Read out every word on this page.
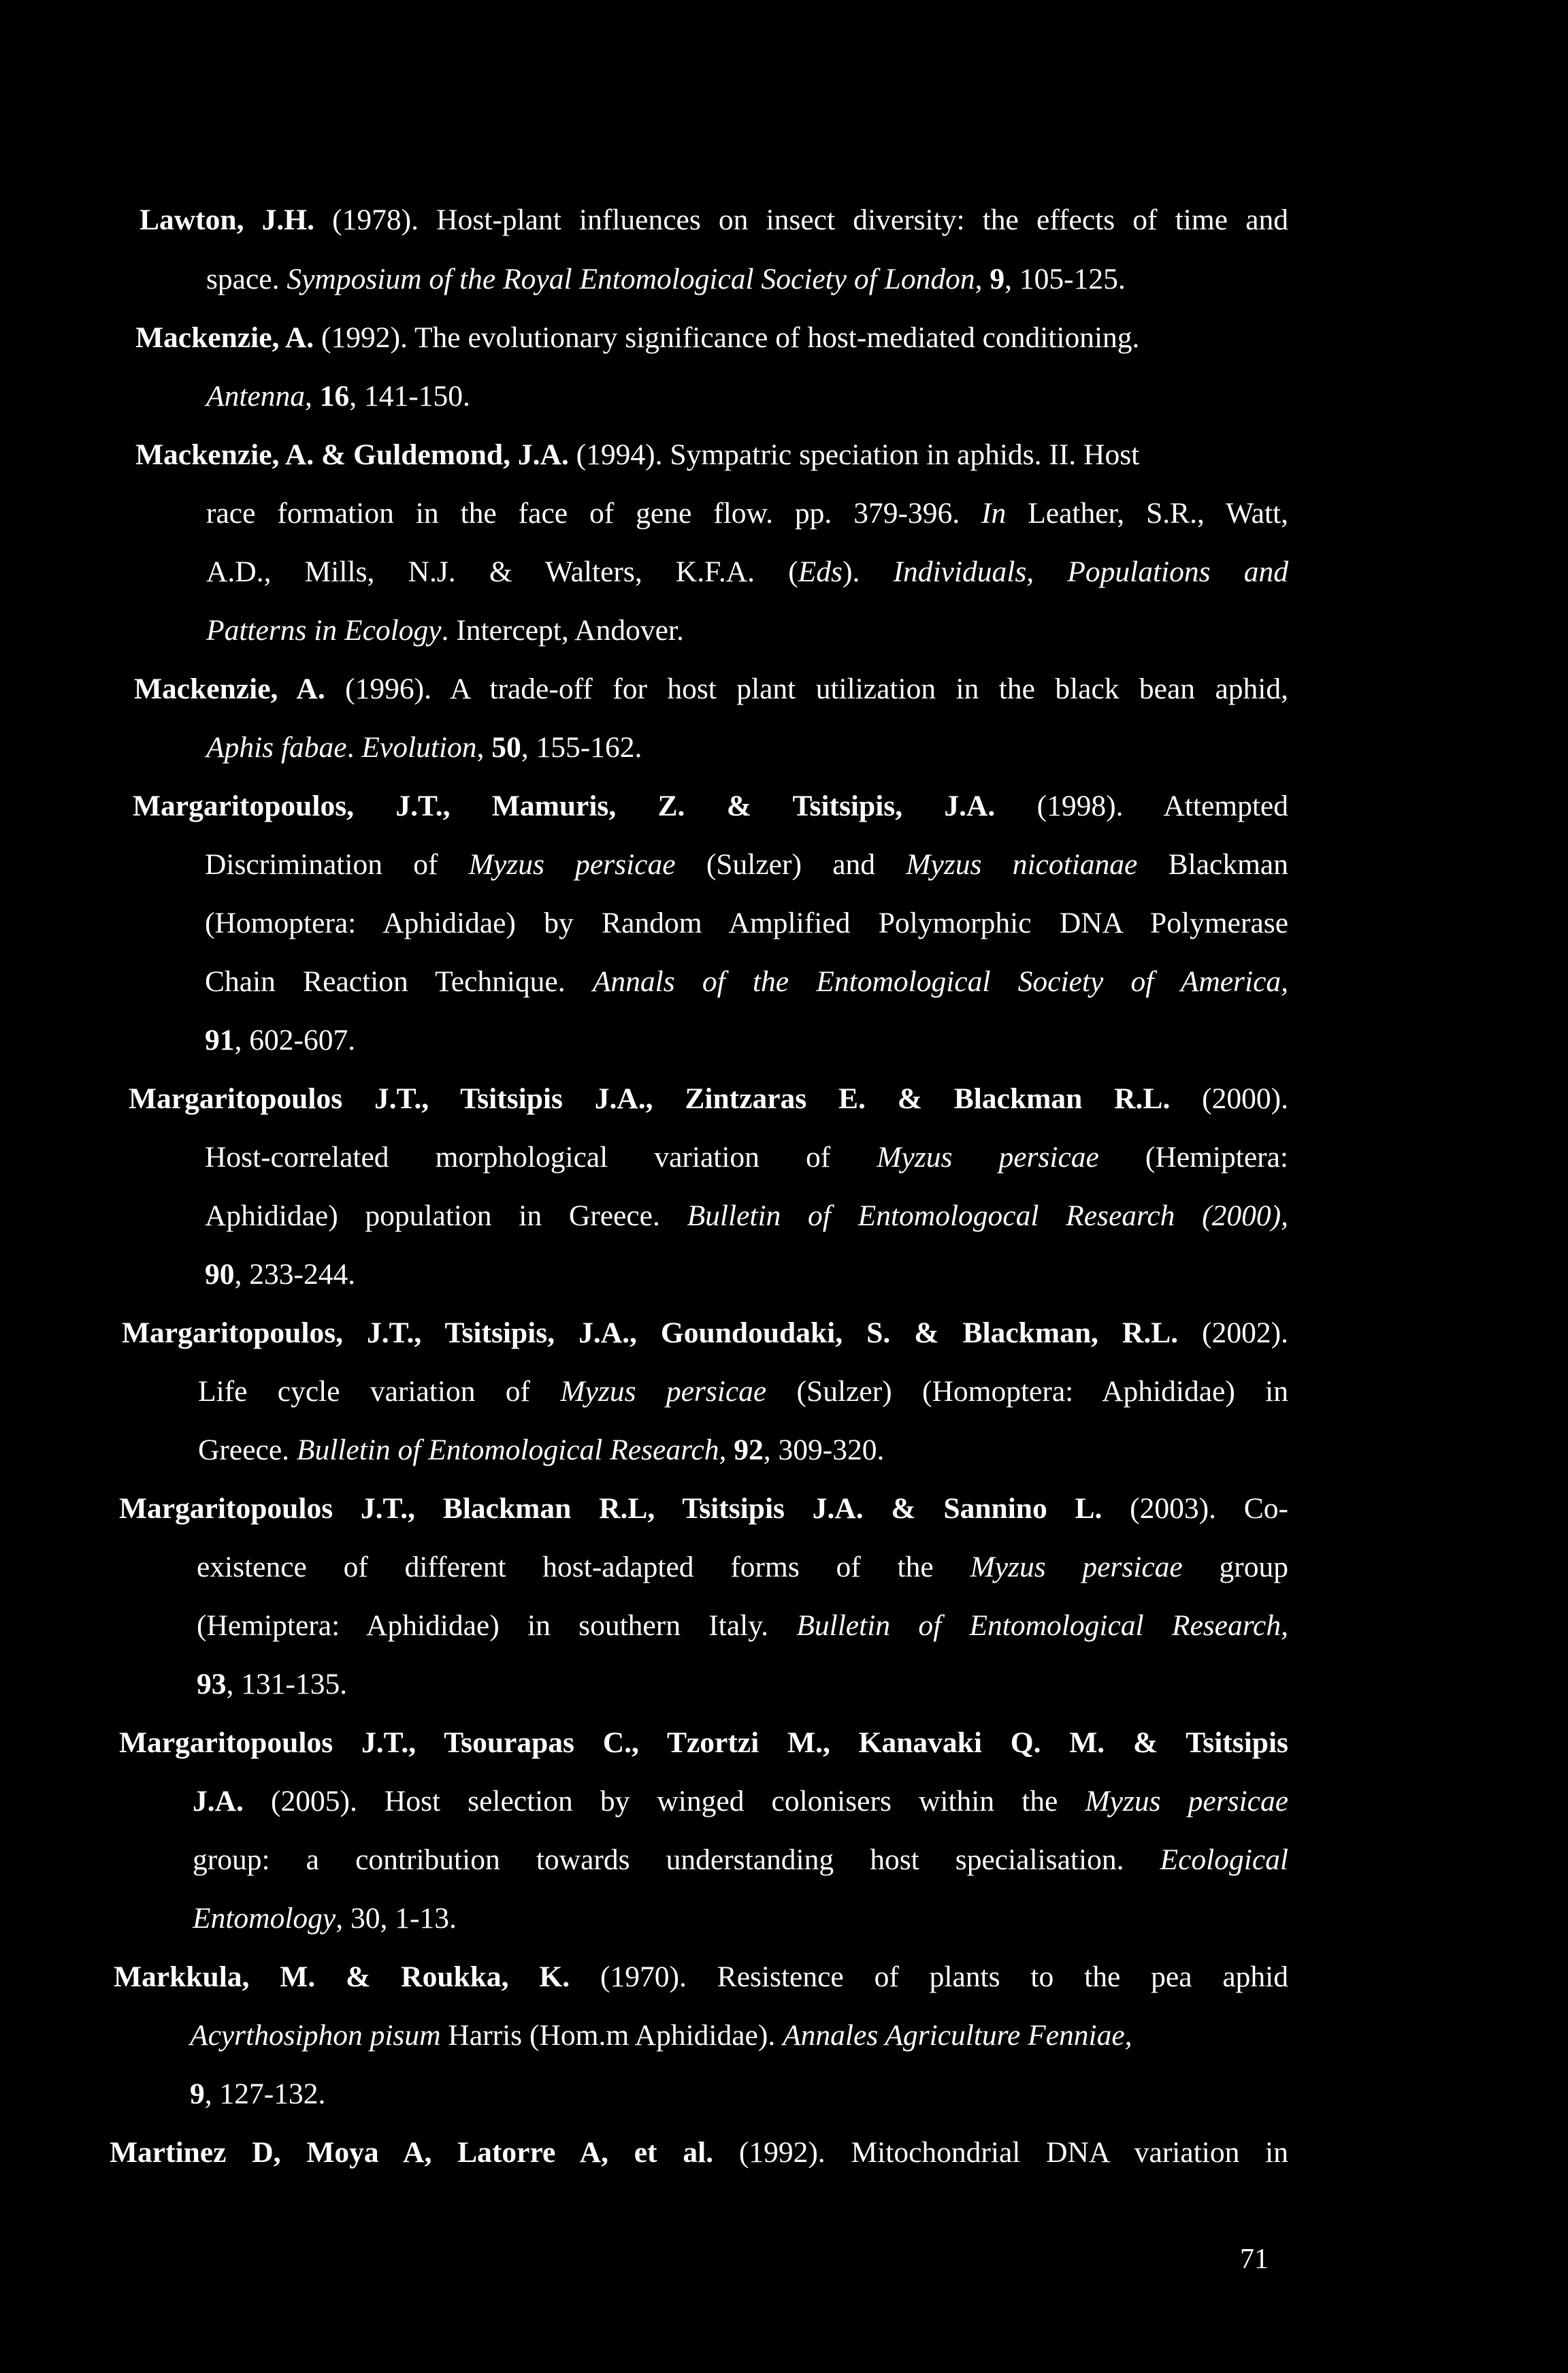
Lawton, J.H. (1978). Host-plant influences on insect diversity: the effects of time and
space. Symposium of the Royal Entomological Society of London, 9, 105-125.
Mackenzie, A. (1992). The evolutionary significance of host-mediated conditioning.
Antenna, 16, 141-150.
Mackenzie, A. & Guldemond, J.A. (1994). Sympatric speciation in aphids. II. Host
race formation in the face of gene flow. pp. 379-396. In Leather, S.R., Watt,
A.D., Mills, N.J. & Walters, K.F.A. (Eds). Individuals, Populations and
Patterns in Ecology. Intercept, Andover.
Mackenzie, A. (1996). A trade-off for host plant utilization in the black bean aphid,
Aphis fabae. Evolution, 50, 155-162.
Margaritopoulos, J.T., Mamuris, Z. & Tsitsipis, J.A. (1998). Attempted
Discrimination of Myzus persicae (Sulzer) and Myzus nicotianae Blackman
(Homoptera: Aphididae) by Random Amplified Polymorphic DNA Polymerase
Chain Reaction Technique. Annals of the Entomological Society of America,
91, 602-607.
Margaritopoulos J.T., Tsitsipis J.A., Zintzaras E. & Blackman R.L. (2000).
Host-correlated morphological variation of Myzus persicae (Hemiptera:
Aphididae) population in Greece. Bulletin of Entomologocal Research (2000),
90, 233-244.
Margaritopoulos, J.T., Tsitsipis, J.A., Goundoudaki, S. & Blackman, R.L. (2002).
Life cycle variation of Myzus persicae (Sulzer) (Homoptera: Aphididae) in
Greece. Bulletin of Entomological Research, 92, 309-320.
Margaritopoulos J.T., Blackman R.L, Tsitsipis J.A. & Sannino L. (2003). Co-
existence of different host-adapted forms of the Myzus persicae group
(Hemiptera: Aphididae) in southern Italy. Bulletin of Entomological Research,
93, 131-135.
Margaritopoulos J.T., Tsourapas C., Tzortzi M., Kanavaki Q. M. & Tsitsipis
J.A. (2005). Host selection by winged colonisers within the Myzus persicae
group: a contribution towards understanding host specialisation. Ecological
Entomology, 30, 1-13.
Markkula, M. & Roukka, K. (1970). Resistence of plants to the pea aphid
Acyrthosiphon pisum Harris (Hom.m Aphididae). Annales Agriculture Fenniae,
9, 127-132.
Martinez D, Moya A, Latorre A, et al. (1992). Mitochondrial DNA variation in
71
